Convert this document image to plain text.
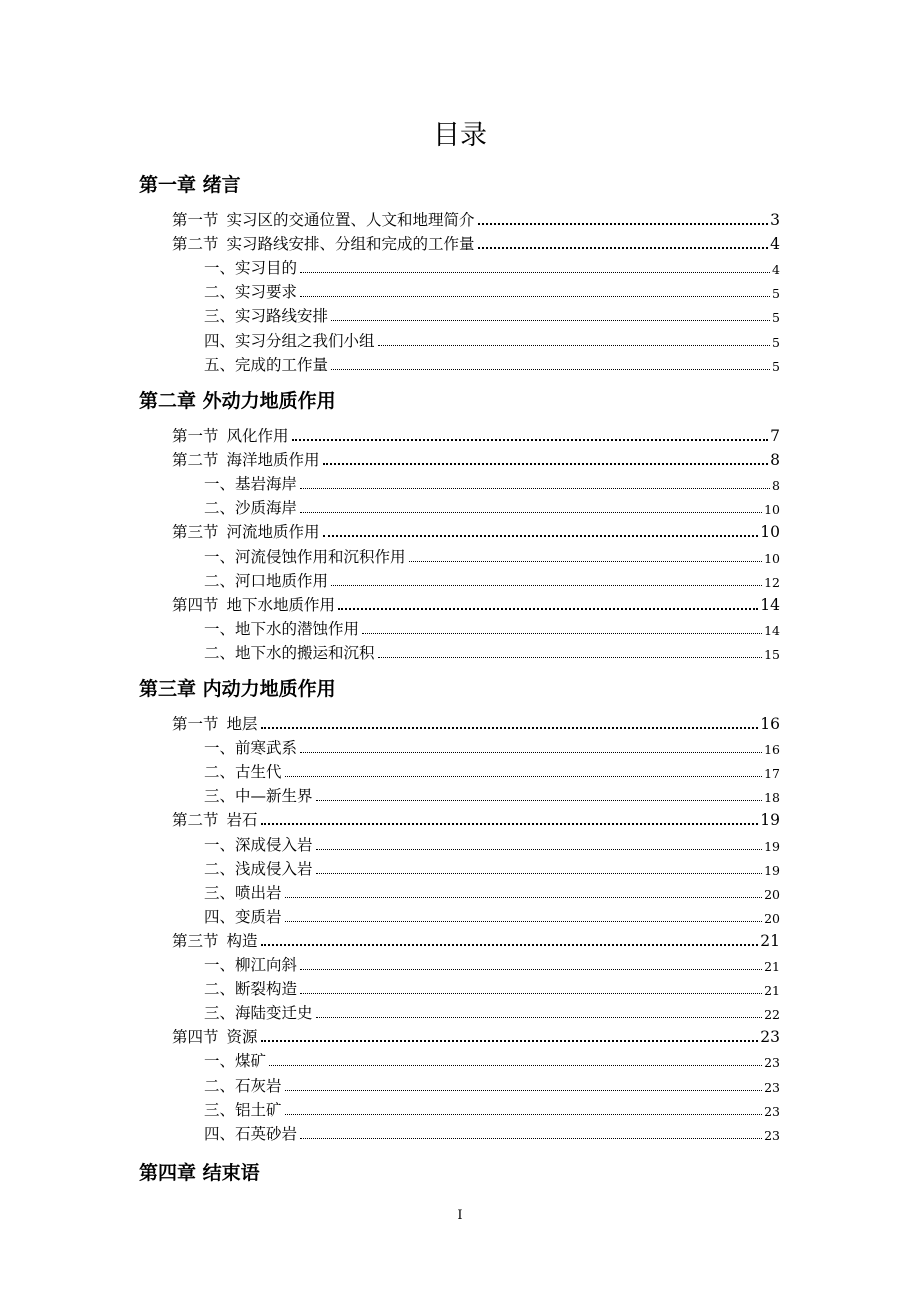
目录
第一章 绪言
第一节 实习区的交通位置、人文和地理简介	3
第二节 实习路线安排、分组和完成的工作量	4
一、实习目的	4
二、实习要求	5
三、实习路线安排	5
四、实习分组之我们小组	5
五、完成的工作量	5
第二章 外动力地质作用
第一节 风化作用	7
第二节 海洋地质作用	8
一、基岩海岸	8
二、沙质海岸	10
第三节 河流地质作用	10
一、河流侵蚀作用和沉积作用	10
二、河口地质作用	12
第四节 地下水地质作用	14
一、地下水的潜蚀作用	14
二、地下水的搬运和沉积	15
第三章 内动力地质作用
第一节 地层	16
一、前寒武系	16
二、古生代	17
三、中—新生界	18
第二节 岩石	19
一、深成侵入岩	19
二、浅成侵入岩	19
三、喷出岩	20
四、变质岩	20
第三节 构造	21
一、柳江向斜	21
二、断裂构造	21
三、海陆变迁史	22
第四节 资源	23
一、煤矿	23
二、石灰岩	23
三、铝土矿	23
四、石英砂岩	23
第四章 结束语
I
